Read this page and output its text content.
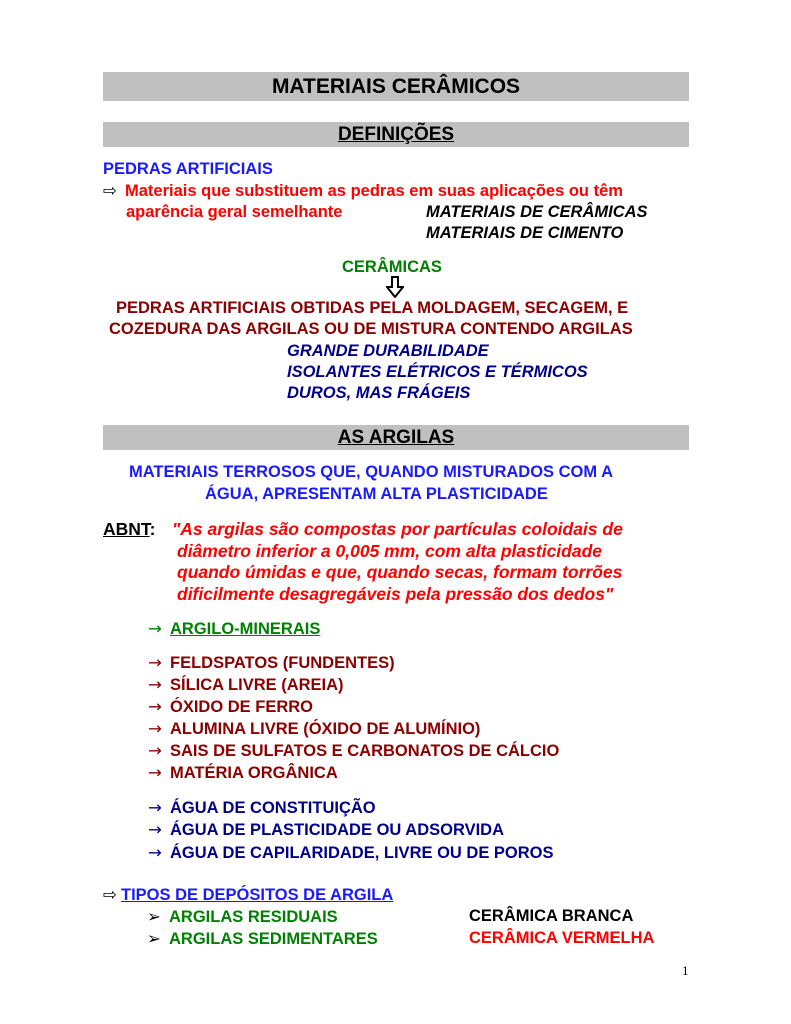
MATERIAIS CERÂMICOS
DEFINIÇÕES
PEDRAS ARTIFICIAIS
⇨ Materiais que substituem as pedras em suas aplicações ou têm
aparência geral semelhante	MATERIAIS DE CERÂMICAS
MATERIAIS DE CIMENTO
CERÂMICAS
PEDRAS ARTIFICIAIS OBTIDAS PELA MOLDAGEM, SECAGEM, E
COZEDURA DAS ARGILAS OU DE MISTURA CONTENDO ARGILAS
GRANDE DURABILIDADE
ISOLANTES ELÉTRICOS E TÉRMICOS
DUROS, MAS FRÁGEIS
AS ARGILAS
MATERIAIS TERROSOS QUE, QUANDO MISTURADOS COM A
ÁGUA, APRESENTAM ALTA PLASTICIDADE
ABNT: "As argilas são compostas por partículas coloidais de
diâmetro inferior a 0,005 mm, com alta plasticidade
quando úmidas e que, quando secas, formam torrões
dificilmente desagregáveis pela pressão dos dedos"
→ ARGILO-MINERAIS
→ FELDSPATOS (FUNDENTES)
→ SÍLICA LIVRE (AREIA)
→ ÓXIDO DE FERRO
→ ALUMINA LIVRE (ÓXIDO DE ALUMÍNIO)
→ SAIS DE SULFATOS E CARBONATOS DE CÁLCIO
→ MATÉRIA ORGÂNICA
→ ÁGUA DE CONSTITUIÇÃO
→ ÁGUA DE PLASTICIDADE OU ADSORVIDA
→ ÁGUA DE CAPILARIDADE, LIVRE OU DE POROS
⇨ TIPOS DE DEPÓSITOS DE ARGILA
➢ ARGILAS RESIDUAIS	CERÂMICA BRANCA
➢ ARGILAS SEDIMENTARES	CERÂMICA VERMELHA
1
